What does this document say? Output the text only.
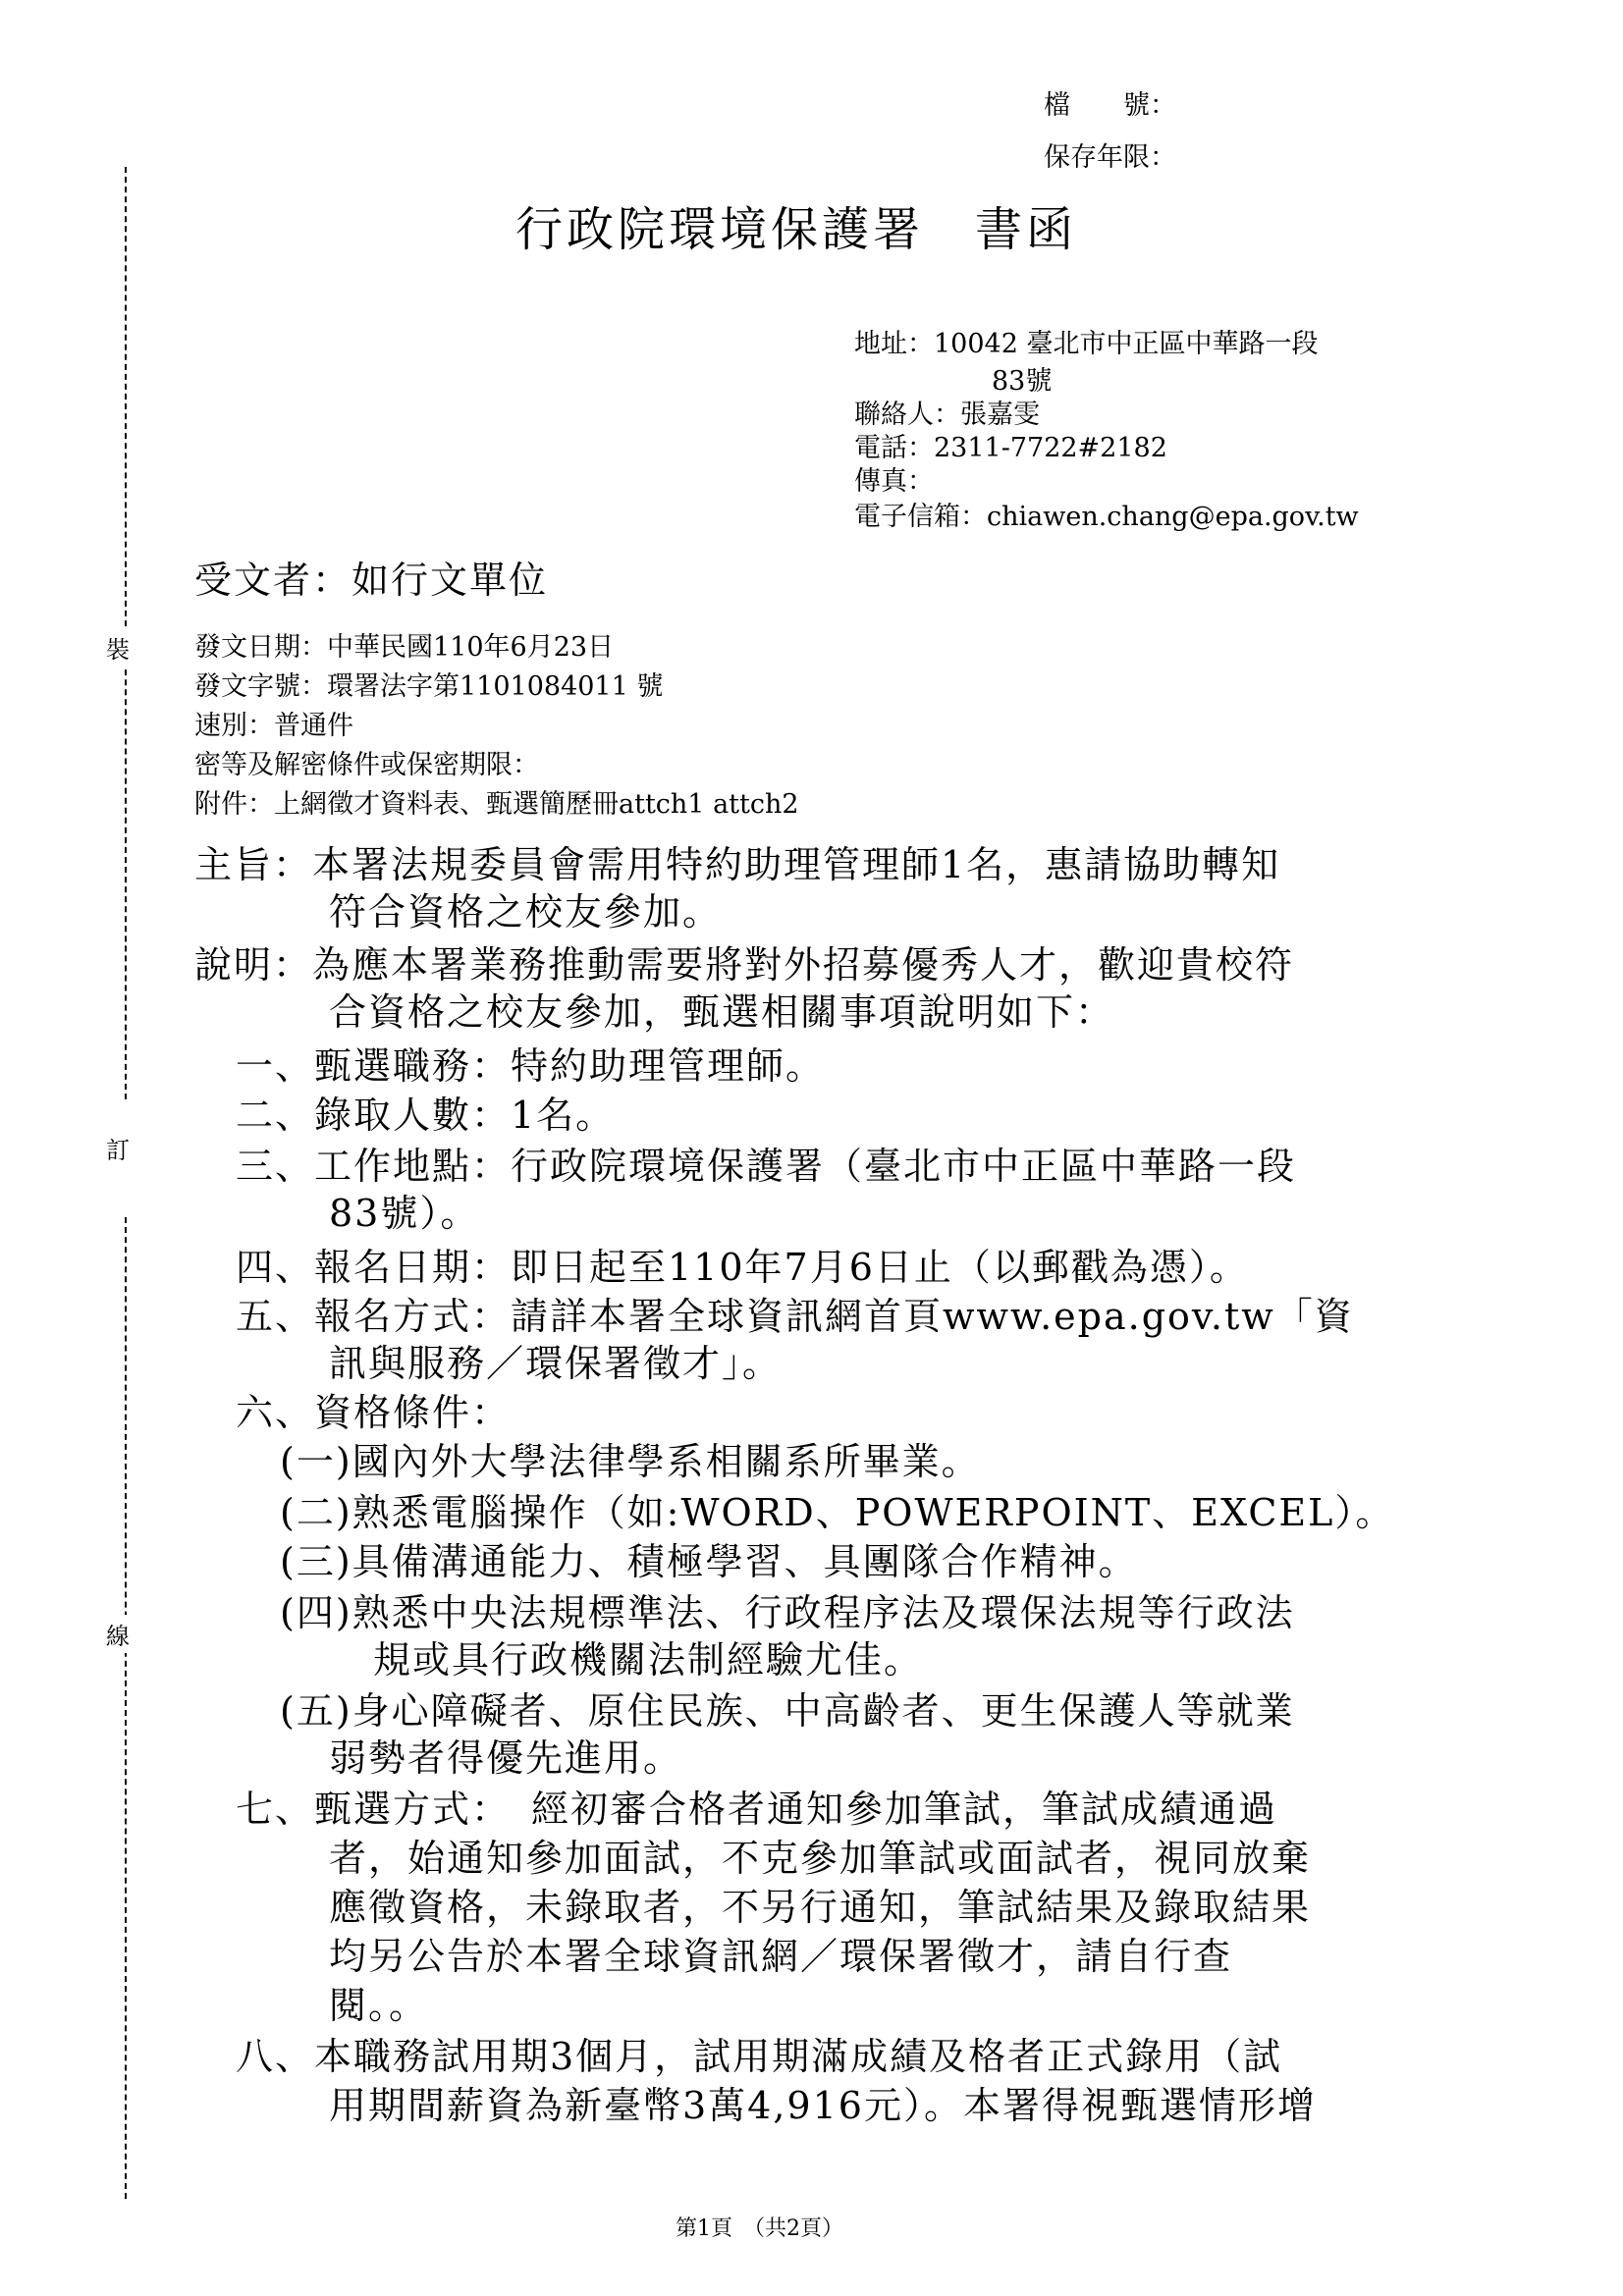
裝
訂
線
檔　　號：
保存年限：
行政院環境保護署　書函
地址：10042 臺北市中正區中華路一段
83號
聯絡人：張嘉雯
電話：2311-7722#2182
傳真：
電子信箱：chiawen.chang@epa.gov.tw
受文者：如行文單位
發文日期：中華民國110年6月23日
發文字號：環署法字第1101084011 號
速別：普通件
密等及解密條件或保密期限：
附件：上網徵才資料表、甄選簡歷冊attch1 attch2
主旨：本署法規委員會需用特約助理管理師1名，惠請協助轉知
符合資格之校友參加。
說明：為應本署業務推動需要將對外招募優秀人才，歡迎貴校符
合資格之校友參加，甄選相關事項說明如下：
一、甄選職務：特約助理管理師。
二、錄取人數：1名。
三、工作地點：行政院環境保護署（臺北市中正區中華路一段
83號）。
四、報名日期：即日起至110年7月6日止（以郵戳為憑）。
五、報名方式：請詳本署全球資訊網首頁www.epa.gov.tw「資
訊與服務／環保署徵才」。
六、資格條件：
(一)國內外大學法律學系相關系所畢業。
(二)熟悉電腦操作（如:WORD、POWERPOINT、EXCEL）。
(三)具備溝通能力、積極學習、具團隊合作精神。
(四)熟悉中央法規標準法、行政程序法及環保法規等行政法
規或具行政機關法制經驗尤佳。
(五)身心障礙者、原住民族、中高齡者、更生保護人等就業
弱勢者得優先進用。
七、甄選方式：　經初審合格者通知參加筆試，筆試成績通過
者，始通知參加面試，不克參加筆試或面試者，視同放棄
應徵資格，未錄取者，不另行通知，筆試結果及錄取結果
均另公告於本署全球資訊網／環保署徵才，請自行查
閱。。
八、本職務試用期3個月，試用期滿成績及格者正式錄用（試
用期間薪資為新臺幣3萬4,916元）。本署得視甄選情形增
第1頁　（共2頁）
